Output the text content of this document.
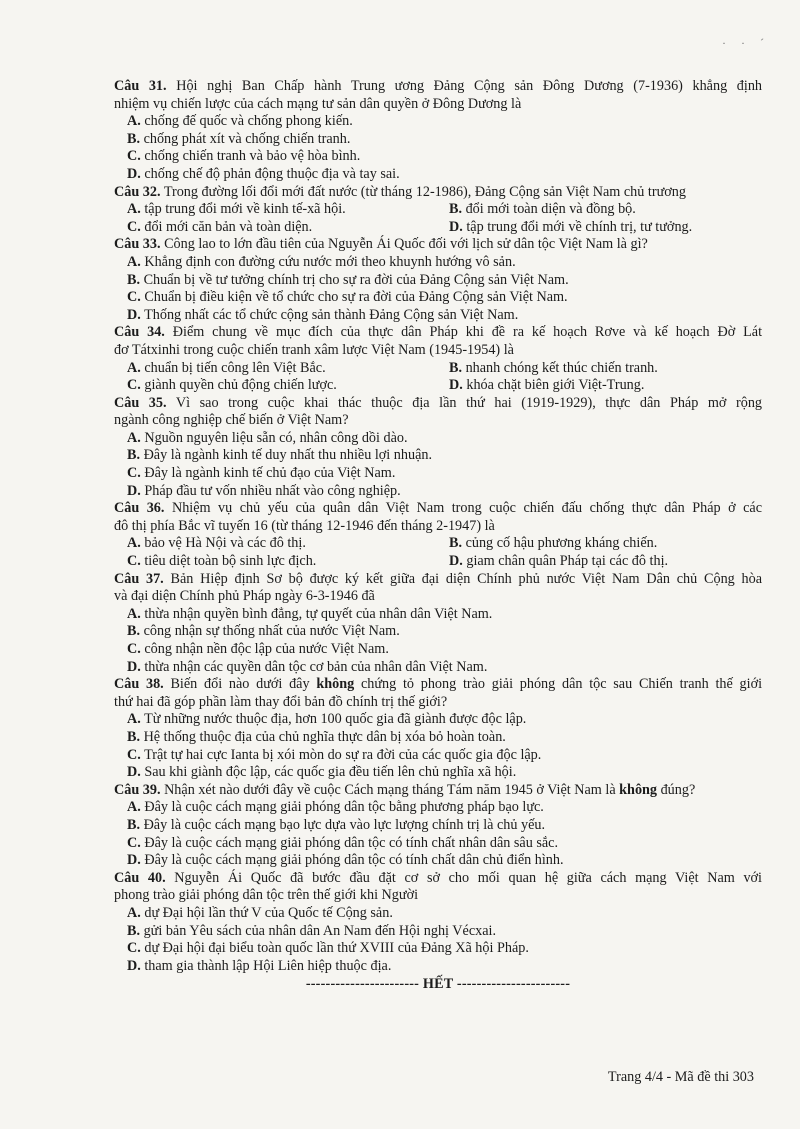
· · ˊ
Câu 31. Hội nghị Ban Chấp hành Trung ương Đảng Cộng sản Đông Dương (7-1936) khẳng định
nhiệm vụ chiến lược của cách mạng tư sản dân quyền ở Đông Dương là
A. chống đế quốc và chống phong kiến.
B. chống phát xít và chống chiến tranh.
C. chống chiến tranh và bảo vệ hòa bình.
D. chống chế độ phản động thuộc địa và tay sai.
Câu 32. Trong đường lối đổi mới đất nước (từ tháng 12-1986), Đảng Cộng sản Việt Nam chủ trương
A. tập trung đổi mới về kinh tế-xã hội.	B. đổi mới toàn diện và đồng bộ.
C. đổi mới căn bản và toàn diện.	D. tập trung đổi mới về chính trị, tư tưởng.
Câu 33. Công lao to lớn đầu tiên của Nguyễn Ái Quốc đối với lịch sử dân tộc Việt Nam là gì?
A. Khẳng định con đường cứu nước mới theo khuynh hướng vô sản.
B. Chuẩn bị về tư tưởng chính trị cho sự ra đời của Đảng Cộng sản Việt Nam.
C. Chuẩn bị điều kiện về tổ chức cho sự ra đời của Đảng Cộng sản Việt Nam.
D. Thống nhất các tổ chức cộng sản thành Đảng Cộng sản Việt Nam.
Câu 34. Điểm chung về mục đích của thực dân Pháp khi đề ra kế hoạch Rơve và kế hoạch Đờ Lát
đơ Tátxinhi trong cuộc chiến tranh xâm lược Việt Nam (1945-1954) là
A. chuẩn bị tiến công lên Việt Bắc.	B. nhanh chóng kết thúc chiến tranh.
C. giành quyền chủ động chiến lược.	D. khóa chặt biên giới Việt-Trung.
Câu 35. Vì sao trong cuộc khai thác thuộc địa lần thứ hai (1919-1929), thực dân Pháp mở rộng
ngành công nghiệp chế biến ở Việt Nam?
A. Nguồn nguyên liệu sẵn có, nhân công dồi dào.
B. Đây là ngành kinh tế duy nhất thu nhiều lợi nhuận.
C. Đây là ngành kinh tế chủ đạo của Việt Nam.
D. Pháp đầu tư vốn nhiều nhất vào công nghiệp.
Câu 36. Nhiệm vụ chủ yếu của quân dân Việt Nam trong cuộc chiến đấu chống thực dân Pháp ở các
đô thị phía Bắc vĩ tuyến 16 (từ tháng 12-1946 đến tháng 2-1947) là
A. bảo vệ Hà Nội và các đô thị.	B. củng cố hậu phương kháng chiến.
C. tiêu diệt toàn bộ sinh lực địch.	D. giam chân quân Pháp tại các đô thị.
Câu 37. Bản Hiệp định Sơ bộ được ký kết giữa đại diện Chính phủ nước Việt Nam Dân chủ Cộng hòa
và đại diện Chính phủ Pháp ngày 6-3-1946 đã
A. thừa nhận quyền bình đẳng, tự quyết của nhân dân Việt Nam.
B. công nhận sự thống nhất của nước Việt Nam.
C. công nhận nền độc lập của nước Việt Nam.
D. thừa nhận các quyền dân tộc cơ bản của nhân dân Việt Nam.
Câu 38. Biến đổi nào dưới đây không chứng tỏ phong trào giải phóng dân tộc sau Chiến tranh thế giới
thứ hai đã góp phần làm thay đổi bản đồ chính trị thế giới?
A. Từ những nước thuộc địa, hơn 100 quốc gia đã giành được độc lập.
B. Hệ thống thuộc địa của chủ nghĩa thực dân bị xóa bỏ hoàn toàn.
C. Trật tự hai cực Ianta bị xói mòn do sự ra đời của các quốc gia độc lập.
D. Sau khi giành độc lập, các quốc gia đều tiến lên chủ nghĩa xã hội.
Câu 39. Nhận xét nào dưới đây về cuộc Cách mạng tháng Tám năm 1945 ở Việt Nam là không đúng?
A. Đây là cuộc cách mạng giải phóng dân tộc bằng phương pháp bạo lực.
B. Đây là cuộc cách mạng bạo lực dựa vào lực lượng chính trị là chủ yếu.
C. Đây là cuộc cách mạng giải phóng dân tộc có tính chất nhân dân sâu sắc.
D. Đây là cuộc cách mạng giải phóng dân tộc có tính chất dân chủ điển hình.
Câu 40. Nguyễn Ái Quốc đã bước đầu đặt cơ sở cho mối quan hệ giữa cách mạng Việt Nam với
phong trào giải phóng dân tộc trên thế giới khi Người
A. dự Đại hội lần thứ V của Quốc tế Cộng sản.
B. gửi bản Yêu sách của nhân dân An Nam đến Hội nghị Vécxai.
C. dự Đại hội đại biểu toàn quốc lần thứ XVIII của Đảng Xã hội Pháp.
D. tham gia thành lập Hội Liên hiệp thuộc địa.
----------------------- HẾT -----------------------
Trang 4/4 - Mã đề thi 303
